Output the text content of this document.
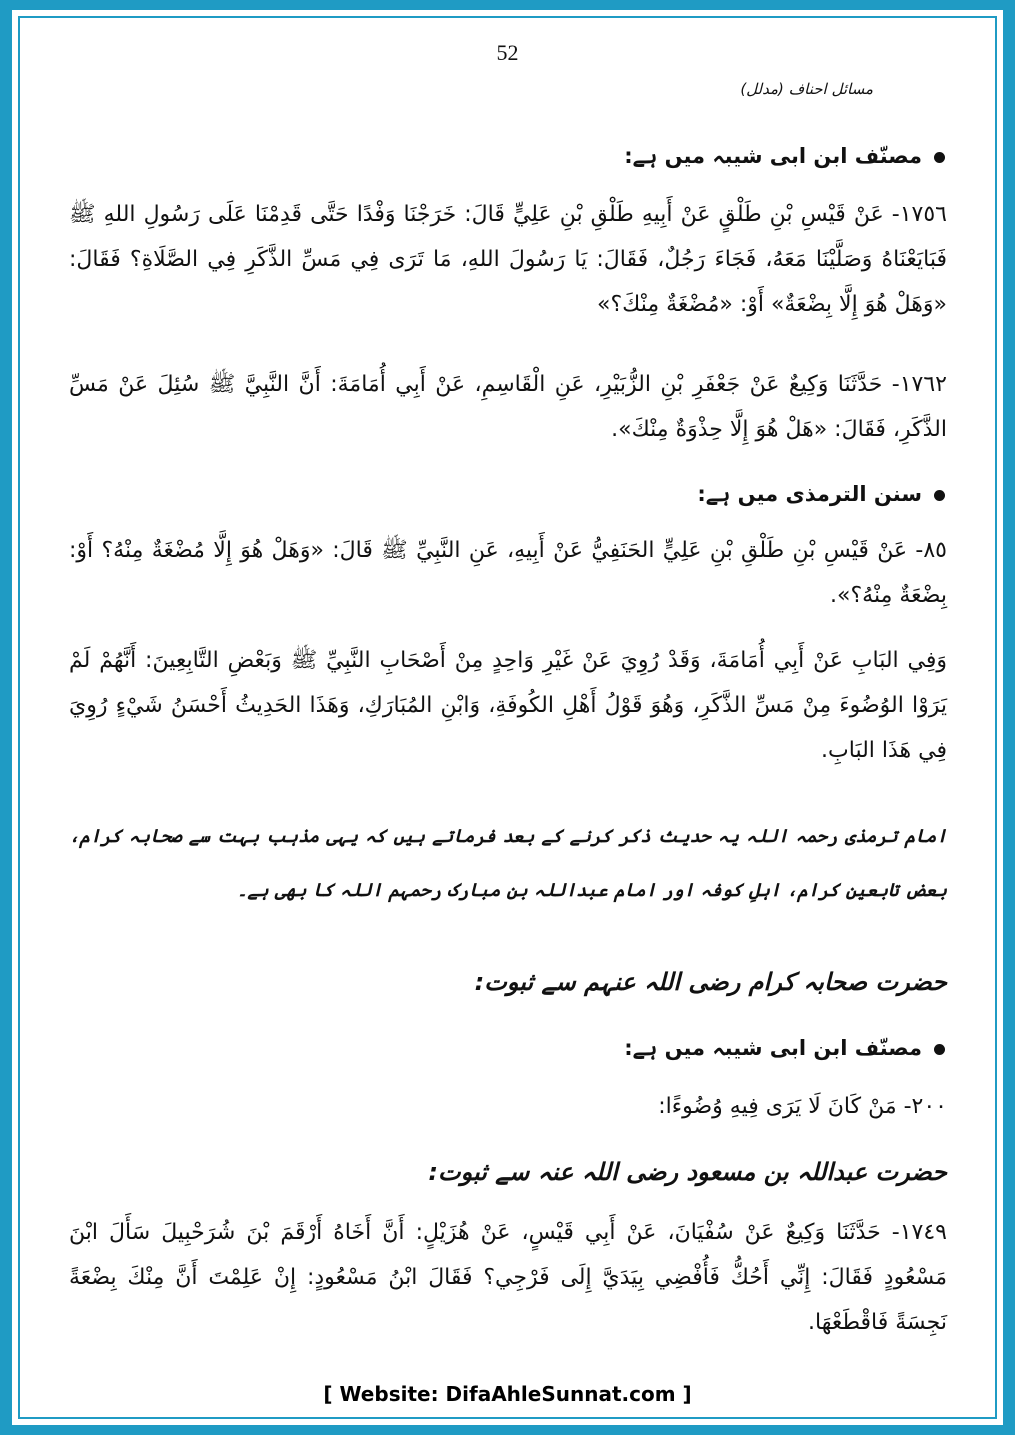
52
مسائل احناف (مدلل)
مصنّف ابن ابی شیبہ میں ہے:
١٧٥٦- عَنْ قَيْسِ بْنِ طَلْقٍ عَنْ أَبِيهِ طَلْقِ بْنِ عَلِيٍّ قَالَ: خَرَجْنَا وَفْدًا حَتَّى قَدِمْنَا عَلَى رَسُولِ اللهِ ﷺ فَبَايَعْنَاهُ وَصَلَّيْنَا مَعَهُ، فَجَاءَ رَجُلٌ، فَقَالَ: يَا رَسُولَ اللهِ، مَا تَرَى فِي مَسِّ الذَّكَرِ فِي الصَّلَاةِ؟ فَقَالَ: «وَهَلْ هُوَ إِلَّا بِضْعَةٌ» أَوْ: «مُضْغَةٌ مِنْكَ؟»
١٧٦٢- حَدَّثَنَا وَكِيعٌ عَنْ جَعْفَرِ بْنِ الزُّبَيْرِ، عَنِ الْقَاسِمِ، عَنْ أَبِي أُمَامَةَ: أَنَّ النَّبِيَّ ﷺ سُئِلَ عَنْ مَسِّ الذَّكَرِ، فَقَالَ: «هَلْ هُوَ إِلَّا حِذْوَةٌ مِنْكَ».
سنن الترمذی میں ہے:
٨٥- عَنْ قَيْسِ بْنِ طَلْقِ بْنِ عَلِيٍّ الحَنَفِيُّ عَنْ أَبِيهِ، عَنِ النَّبِيِّ ﷺ قَالَ: «وَهَلْ هُوَ إِلَّا مُضْغَةٌ مِنْهُ؟ أَوْ: بِضْعَةٌ مِنْهُ؟».
وَفِي البَابِ عَنْ أَبِي أُمَامَةَ، وَقَدْ رُوِيَ عَنْ غَيْرِ وَاحِدٍ مِنْ أَصْحَابِ النَّبِيِّ ﷺ وَبَعْضِ التَّابِعِينَ: أَنَّهُمْ لَمْ يَرَوْا الوُضُوءَ مِنْ مَسِّ الذَّكَرِ، وَهُوَ قَوْلُ أَهْلِ الكُوفَةِ، وَابْنِ المُبَارَكِ، وَهَذَا الحَدِيثُ أَحْسَنُ شَيْءٍ رُوِيَ فِي هَذَا البَابِ.
امام ترمذی رحمہ اللہ یہ حدیث ذکر کرنے کے بعد فرماتے ہیں کہ یہی مذہب بہت سے صحابہ کرام، بعض تابعین کرام، اہلِ کوفہ اور امام عبداللہ بن مبارک رحمہم اللہ کا بھی ہے۔
حضرت صحابہ کرام رضی اللہ عنہم سے ثبوت:
مصنّف ابن ابی شیبہ میں ہے:
٢٠٠- مَنْ كَانَ لَا يَرَى فِيهِ وُضُوءًا:
حضرت عبداللہ بن مسعود رضی اللہ عنہ سے ثبوت:
١٧٤٩- حَدَّثَنَا وَكِيعٌ عَنْ سُفْيَانَ، عَنْ أَبِي قَيْسٍ، عَنْ هُزَيْلٍ: أَنَّ أَخَاهُ أَرْقَمَ بْنَ شُرَحْبِيلَ سَأَلَ ابْنَ مَسْعُودٍ فَقَالَ: إِنِّي أَحُكُّ فَأُفْضِي بِيَدَيَّ إِلَى فَرْجِي؟ فَقَالَ ابْنُ مَسْعُودٍ: إِنْ عَلِمْتَ أَنَّ مِنْكَ بِضْعَةً نَجِسَةً فَاقْطَعْهَا.
[ Website: DifaAhleSunnat.com ]
